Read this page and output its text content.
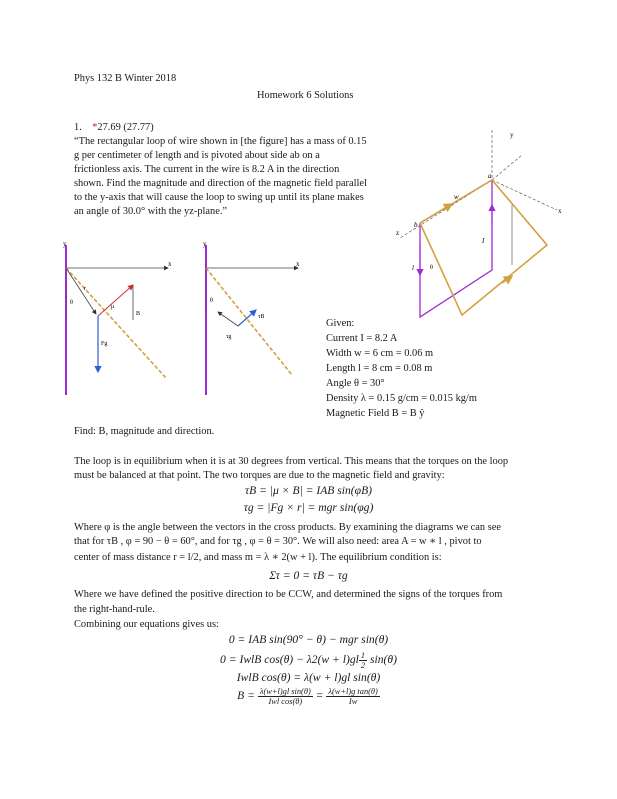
Phys 132 B Winter 2018
Homework 6 Solutions
1. *27.69 (27.77)
“The rectangular loop of wire shown in [the figure] has a mass of 0.15
g per centimeter of length and is pivoted about side ab on a
frictionless axis. The current in the wire is 8.2 A in the direction
shown. Find the magnitude and direction of the magnetic field parallel
to the y-axis that will cause the loop to swing up until its plane makes
an angle of 30.0° with the yz-plane.”
y
x
θ
r
μ
B
Fg
y
x
θ
τB
τg
y
x
z
a
b
w
l
I
θ
Given:
Current I = 8.2 A
Width w = 6 cm = 0.06 m
Length l = 8 cm = 0.08 m
Angle θ = 30°
Density λ = 0.15 g/cm = 0.015 kg/m
Magnetic Field B = B ŷ
Find: B, magnitude and direction.
The loop is in equilibrium when it is at 30 degrees from vertical. This means that the torques on the loop
must be balanced at that point. The two torques are due to the magnetic field and gravity:
τB = |μ × B| = IAB sin(φB)
τg = |Fg × r| = mgr sin(φg)
Where φ is the angle between the vectors in the cross products. By examining the diagrams we can see
that for τB , φ = 90 − θ = 60°, and for τg , φ = θ = 30°. We will also need: area A = w ∗ l , pivot to
center of mass distance r = l/2, and mass m = λ ∗ 2(w + l). The equilibrium condition is:
Στ = 0 = τB − τg
Where we have defined the positive direction to be CCW, and determined the signs of the torques from
the right-hand-rule.
Combining our equations gives us:
0 = IAB sin(90° − θ) − mgr sin(θ)
0 = IwlB $\cos(\theta) - \lambda 2(w + l)gl \frac{1}{2} \sin(\theta)$
IwlB cos(θ) = λ(w + l)gl sin(θ)
$B = \frac{\text{λ(w+l)gl sin(θ)}}{\text{Iwl cos(θ)}} = \frac{\text{λ(w+l)g tan(θ)}}{Iw}$
